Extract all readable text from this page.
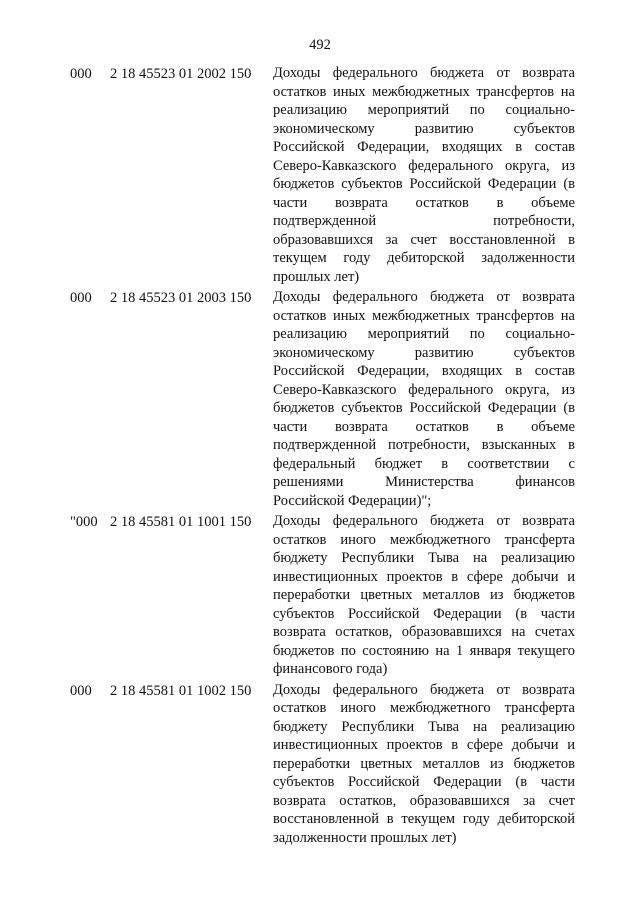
492
000	2 18 45523 01 2002 150	Доходы федерального бюджета от возврата
остатков иных межбюджетных трансфертов на
реализацию мероприятий по социально-
экономическому развитию субъектов
Российской Федерации, входящих в состав
Северо-Кавказского федерального округа, из
бюджетов субъектов Российской Федерации (в
части возврата остатков в объеме
подтвержденной потребности,
образовавшихся за счет восстановленной в
текущем году дебиторской задолженности
прошлых лет)
000	2 18 45523 01 2003 150	Доходы федерального бюджета от возврата
остатков иных межбюджетных трансфертов на
реализацию мероприятий по социально-
экономическому развитию субъектов
Российской Федерации, входящих в состав
Северо-Кавказского федерального округа, из
бюджетов субъектов Российской Федерации (в
части возврата остатков в объеме
подтвержденной потребности, взысканных в
федеральный бюджет в соответствии с
решениями Министерства финансов
Российской Федерации)";
"000 2 18 45581 01 1001 150	Доходы федерального бюджета от возврата
остатков иного межбюджетного трансферта
бюджету Республики Тыва на реализацию
инвестиционных проектов в сфере добычи и
переработки цветных металлов из бюджетов
субъектов Российской Федерации (в части
возврата остатков, образовавшихся на счетах
бюджетов по состоянию на 1 января текущего
финансового года)
000	2 18 45581 01 1002 150	Доходы федерального бюджета от возврата
остатков иного межбюджетного трансферта
бюджету Республики Тыва на реализацию
инвестиционных проектов в сфере добычи и
переработки цветных металлов из бюджетов
субъектов Российской Федерации (в части
возврата остатков, образовавшихся за счет
восстановленной в текущем году дебиторской
задолженности прошлых лет)
